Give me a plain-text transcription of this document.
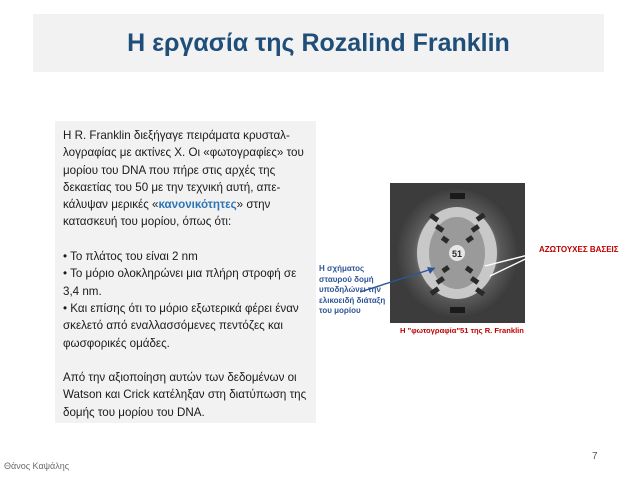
Η εργασία της Rozalind Franklin

Η R. Franklin διεξήγαγε πειράματα κρυσταλ-λογραφίας με ακτίνες Χ. Οι «φωτογραφίες» του μορίου του DNA που πήρε στις αρχές της δεκαετίας του 50 με την τεχνική αυτή, απε-κάλυψαν μερικές «κανονικότητες» στην κατασκευή του μορίου, όπως ότι:

• Το πλάτος του είναι 2 nm

• Το μόριο ολοκληρώνει μια πλήρη στροφή σε 3,4 nm.

• Και επίσης ότι το μόριο εξωτερικά φέρει έναν σκελετό από εναλλασσόμενες πεντόζες και φωσφορικές ομάδες.

Από την αξιοποίηση αυτών των δεδομένων οι Watson και Crick κατέληξαν στη διατύπωση της δομής του μορίου του DNA.

51
Η σχήματος σταυρού δομή υποδηλώνει την ελικοειδή διάταξη του μορίου
ΑΖΩΤΟΥΧΕΣ ΒΑΣΕΙΣ
Η "φωτογραφία"51 της R. Franklin
7
Θάνος Καψάλης
